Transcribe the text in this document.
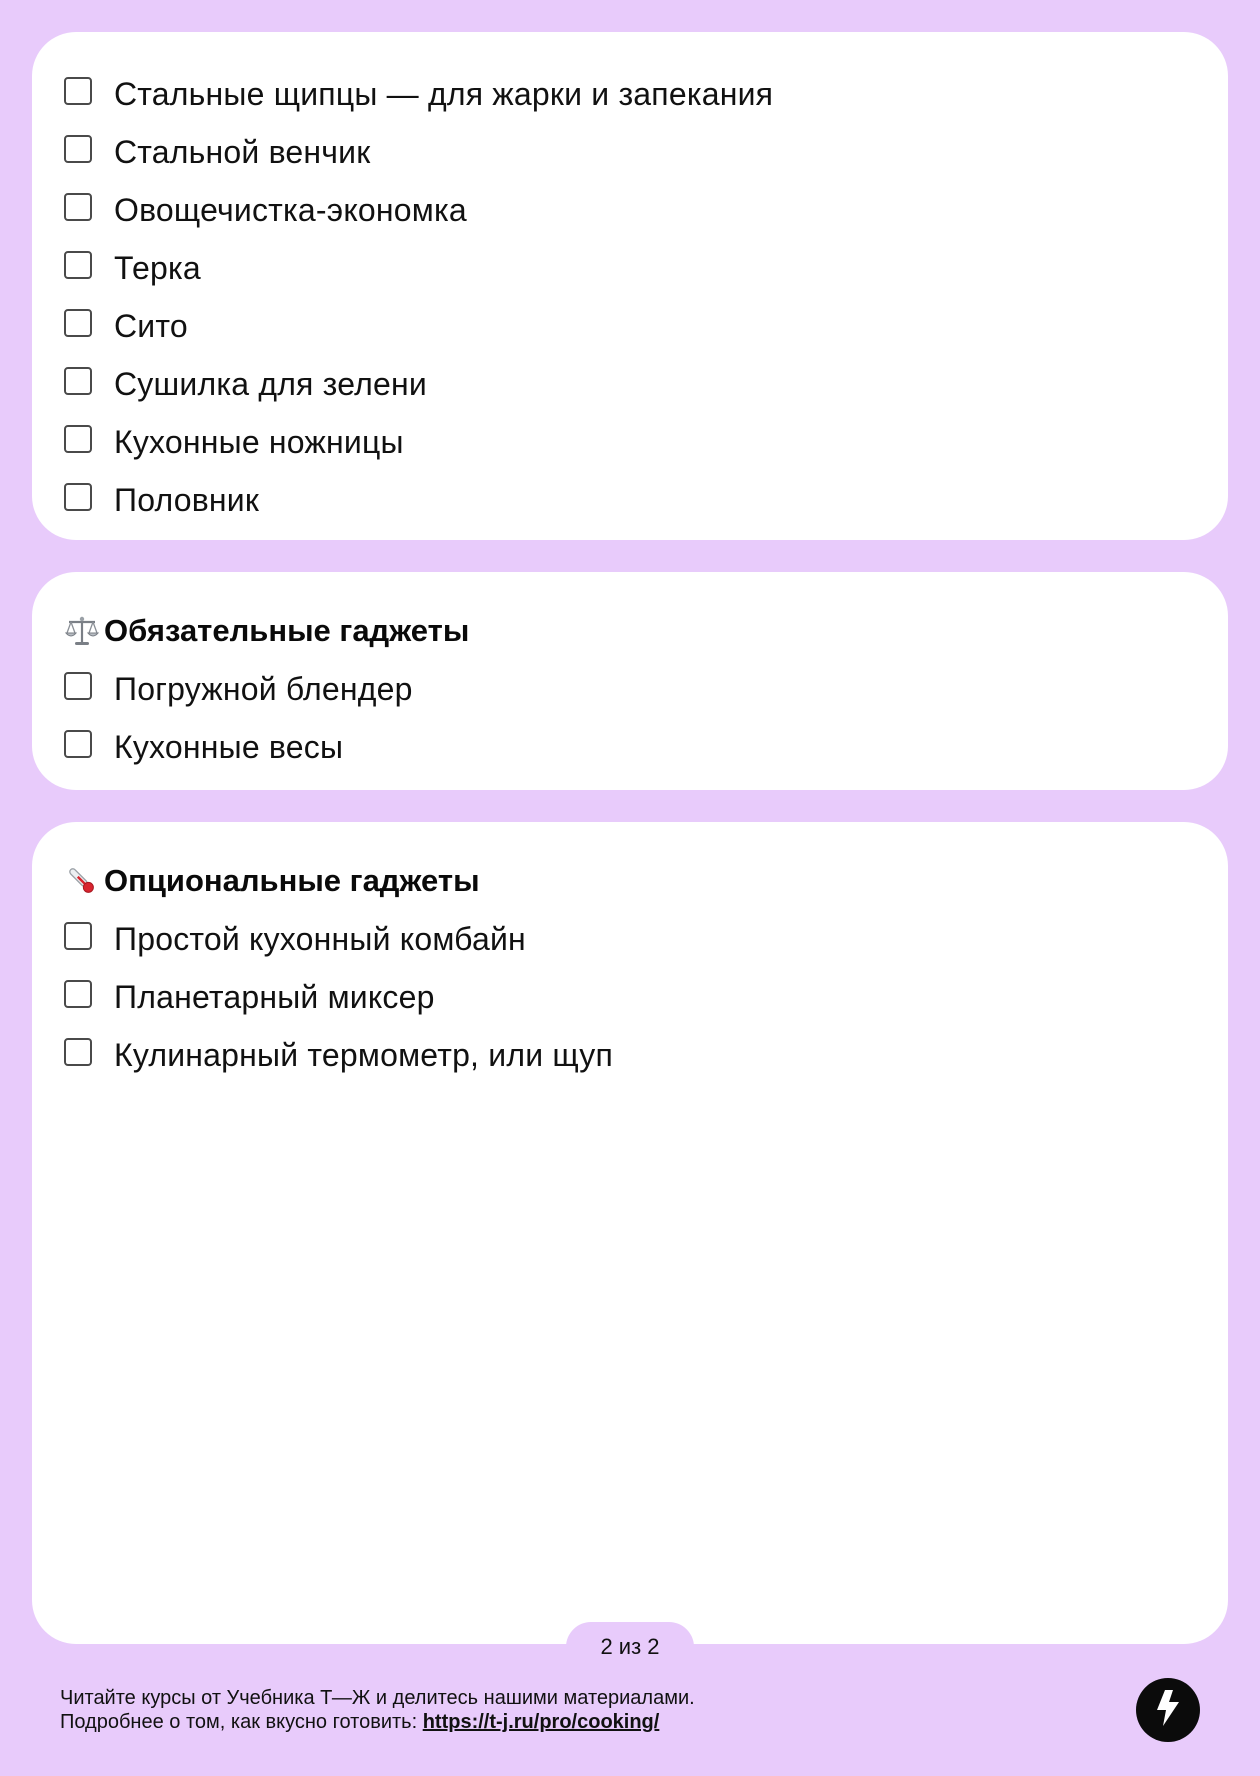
Стальные щипцы — для жарки и запекания
Стальной венчик
Овощечистка-экономка
Терка
Сито
Сушилка для зелени
Кухонные ножницы
Половник
Обязательные гаджеты
Погружной блендер
Кухонные весы
Опциональные гаджеты
Простой кухонный комбайн
Планетарный миксер
Кулинарный термометр, или щуп
2 из 2
Читайте курсы от Учебника Т—Ж и делитесь нашими материалами.
Подробнее о том, как вкусно готовить: https://t-j.ru/pro/cooking/
